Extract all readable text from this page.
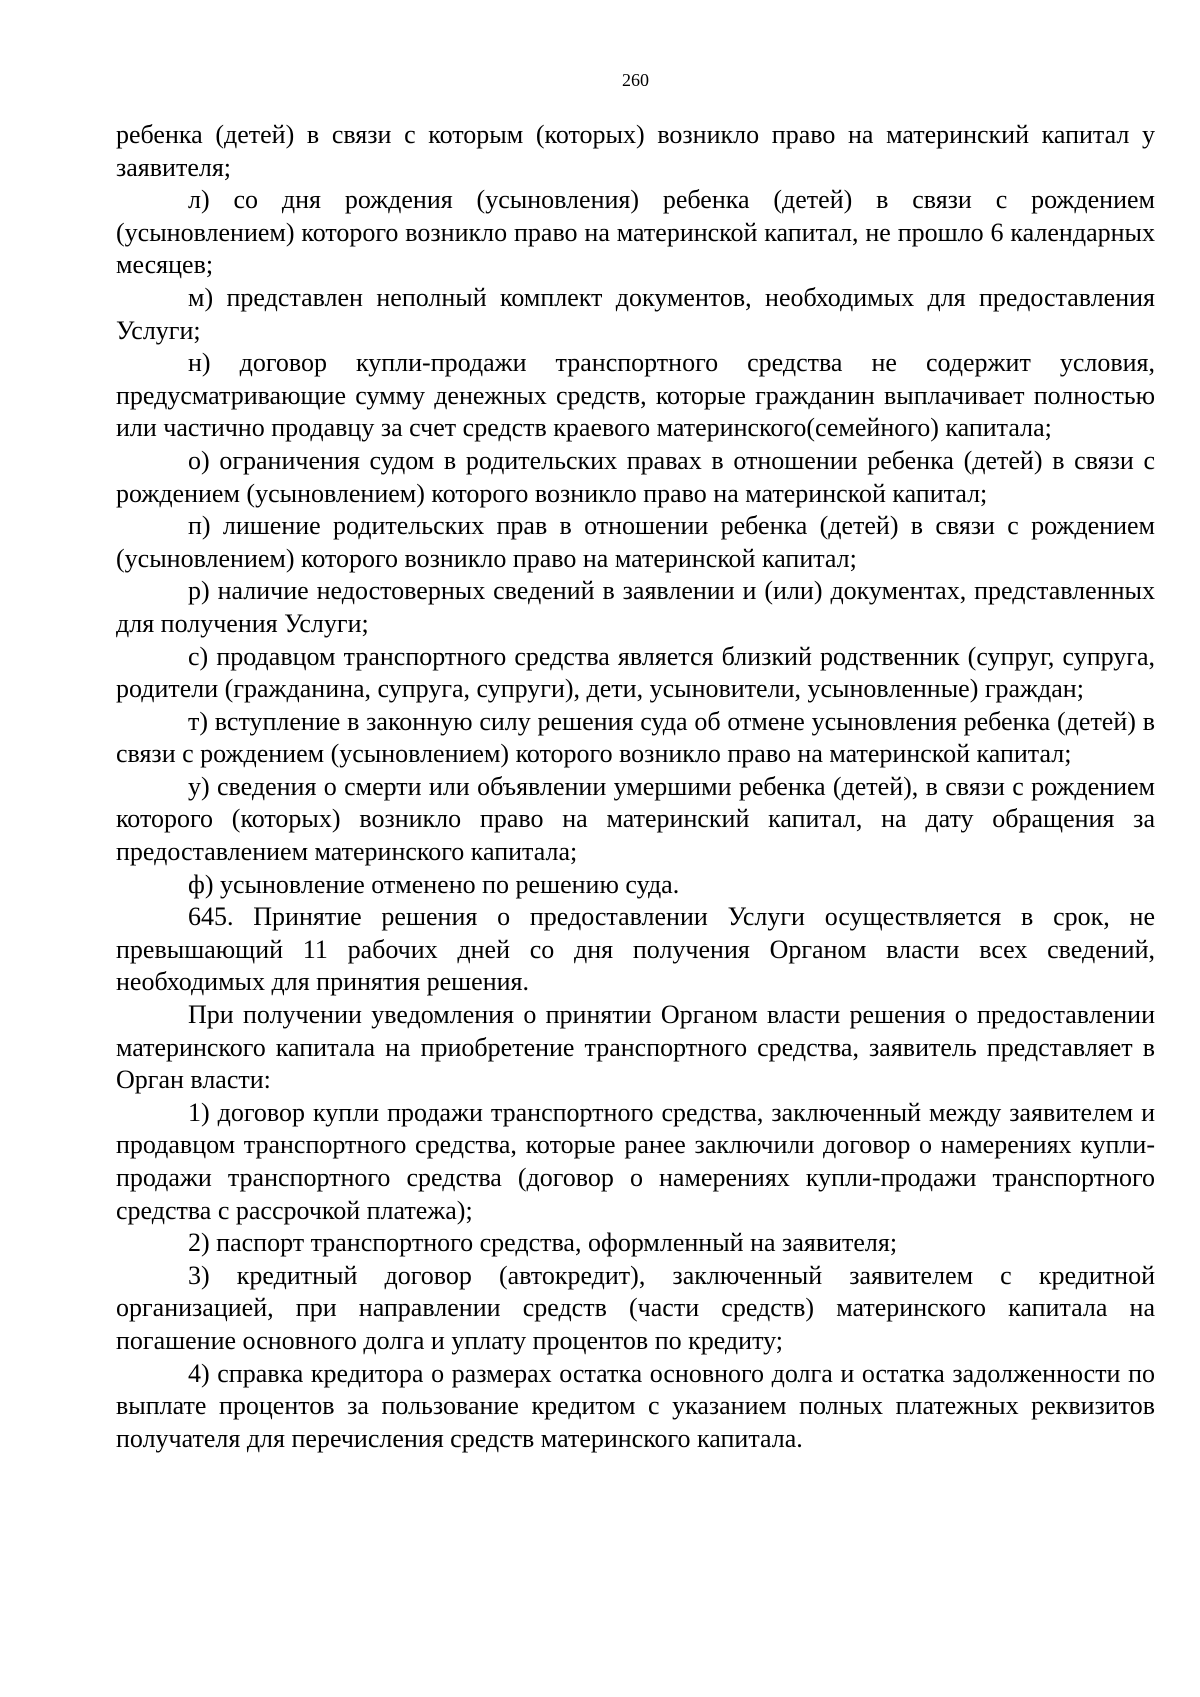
260

ребенка (детей) в связи с которым (которых) возникло право на материнский капитал у заявителя;

л) со дня рождения (усыновления) ребенка (детей) в связи с рождением (усыновлением) которого возникло право на материнской капитал, не прошло 6 календарных месяцев;

м) представлен неполный комплект документов, необходимых для предоставления Услуги;

н) договор купли-продажи транспортного средства не содержит условия, предусматривающие сумму денежных средств, которые гражданин выплачивает полностью или частично продавцу за счет средств краевого материнского(семейного) капитала;

о) ограничения судом в родительских правах в отношении ребенка (детей) в связи с рождением (усыновлением) которого возникло право на материнской капитал;

п) лишение родительских прав в отношении ребенка (детей) в связи с рождением (усыновлением) которого возникло право на материнской капитал;

р) наличие недостоверных сведений в заявлении и (или) документах, представленных для получения Услуги;

с) продавцом транспортного средства является близкий родственник (супруг, супруга, родители (гражданина, супруга, супруги), дети, усыновители, усыновленные) граждан;

т) вступление в законную силу решения суда об отмене усыновления ребенка (детей) в связи с рождением (усыновлением) которого возникло право на материнской капитал;

у) сведения о смерти или объявлении умершими ребенка (детей), в связи с рождением которого (которых) возникло право на материнский капитал, на дату обращения за предоставлением материнского капитала;

ф) усыновление отменено по решению суда.

645. Принятие решения о предоставлении Услуги осуществляется в срок, не превышающий 11 рабочих дней со дня получения Органом власти всех сведений, необходимых для принятия решения.

При получении уведомления о принятии Органом власти решения о предоставлении материнского капитала на приобретение транспортного средства, заявитель представляет в Орган власти:

1) договор купли продажи транспортного средства, заключенный между заявителем и продавцом транспортного средства, которые ранее заключили договор о намерениях купли-продажи транспортного средства (договор о намерениях купли-продажи транспортного средства с рассрочкой платежа);

2) паспорт транспортного средства, оформленный на заявителя;

3) кредитный договор (автокредит), заключенный заявителем с кредитной организацией, при направлении средств (части средств) материнского капитала на погашение основного долга и уплату процентов по кредиту;

4) справка кредитора о размерах остатка основного долга и остатка задолженности по выплате процентов за пользование кредитом с указанием полных платежных реквизитов получателя для перечисления средств материнского капитала.
